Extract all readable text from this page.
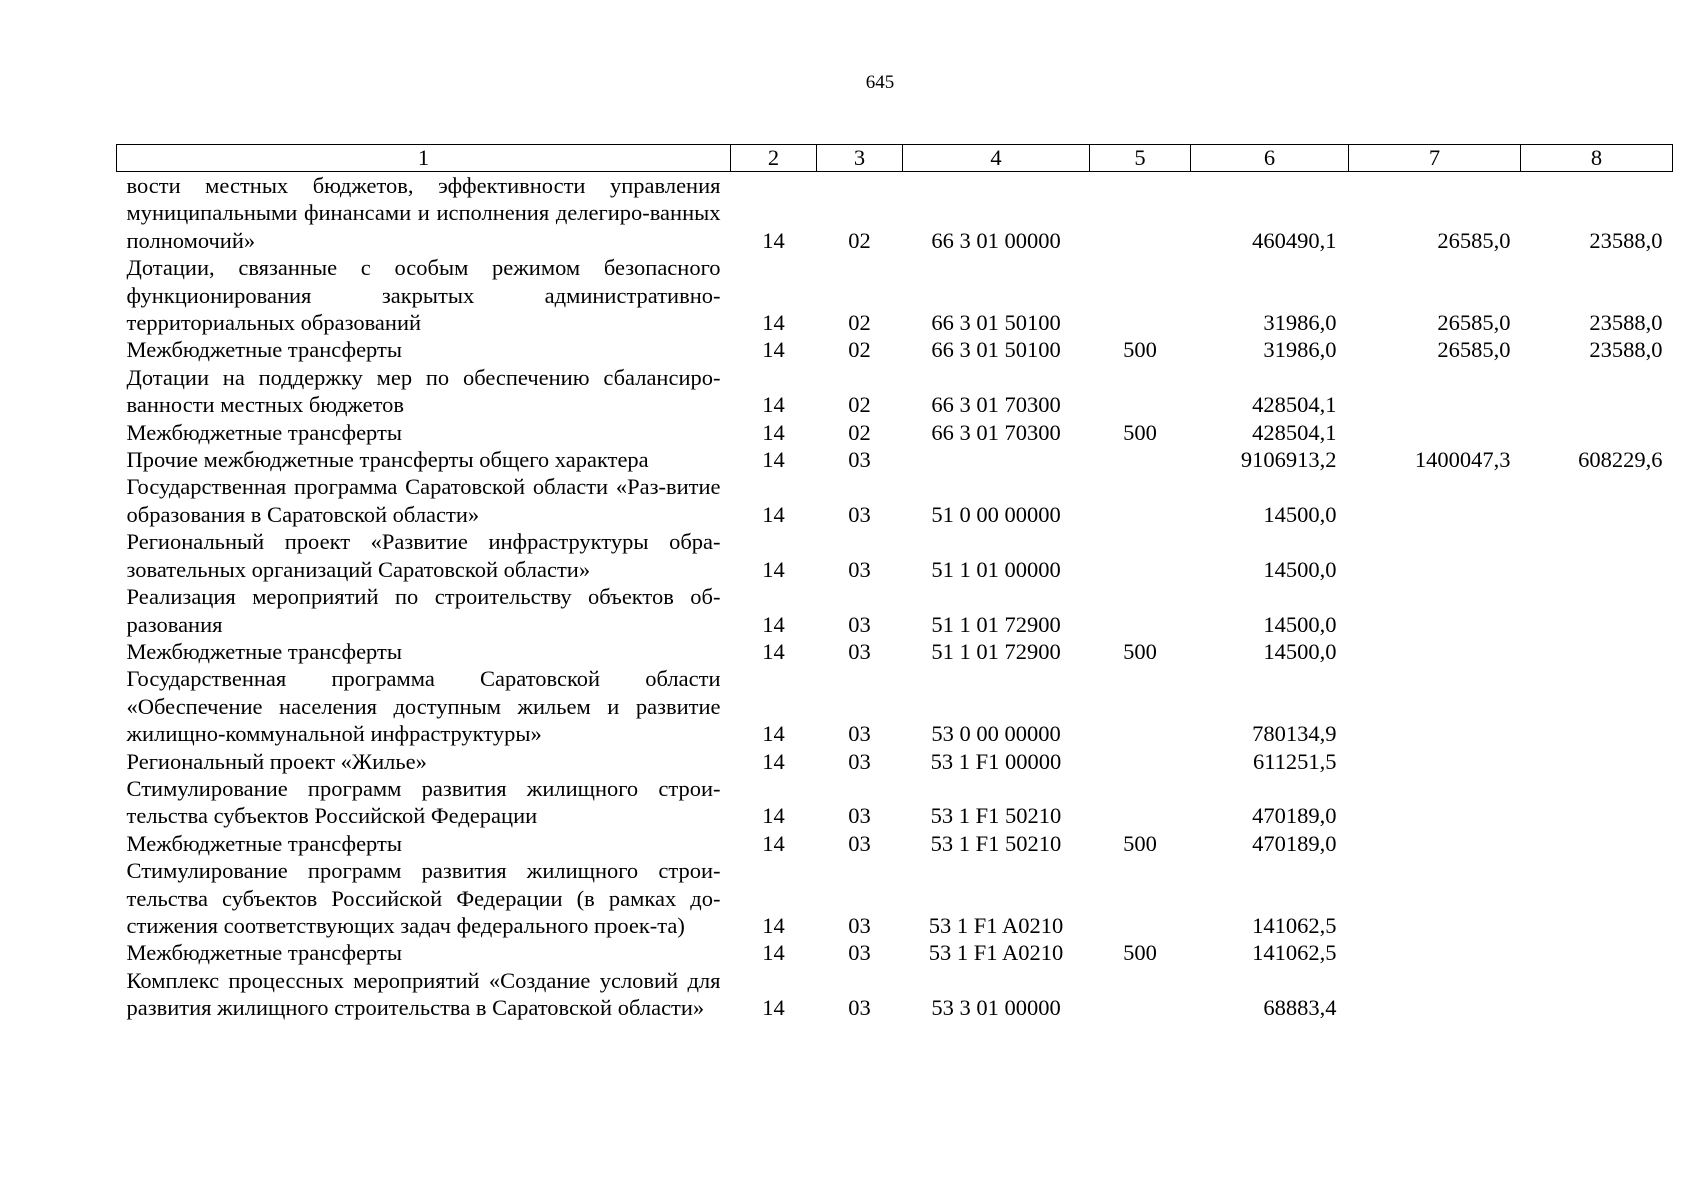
645
1	2	3	4	5	6	7	8
вости местных бюджетов, эффективности управления муниципальными финансами и исполнения делегиро-ванных полномочий»	14	02	66 3 01 00000		460490,1	26585,0	23588,0
Дотации, связанные с особым режимом безопасного функционирования закрытых административно-территориальных образований	14	02	66 3 01 50100		31986,0	26585,0	23588,0
Межбюджетные трансферты	14	02	66 3 01 50100	500	31986,0	26585,0	23588,0
Дотации на поддержку мер по обеспечению сбалансиро-ванности местных бюджетов	14	02	66 3 01 70300		428504,1		
Межбюджетные трансферты	14	02	66 3 01 70300	500	428504,1		
Прочие межбюджетные трансферты общего характера	14	03			9106913,2	1400047,3	608229,6
Государственная программа Саратовской области «Раз-витие образования в Саратовской области»	14	03	51 0 00 00000		14500,0		
Региональный проект «Развитие инфраструктуры обра-зовательных организаций Саратовской области»	14	03	51 1 01 00000		14500,0		
Реализация мероприятий по строительству объектов об-разования	14	03	51 1 01 72900		14500,0		
Межбюджетные трансферты	14	03	51 1 01 72900	500	14500,0		
Государственная программа Саратовской области «Обеспечение населения доступным жильем и развитие жилищно-коммунальной инфраструктуры»	14	03	53 0 00 00000		780134,9		
Региональный проект «Жилье»	14	03	53 1 F1 00000		611251,5		
Стимулирование программ развития жилищного строи-тельства субъектов Российской Федерации	14	03	53 1 F1 50210		470189,0		
Межбюджетные трансферты	14	03	53 1 F1 50210	500	470189,0		
Стимулирование программ развития жилищного строи-тельства субъектов Российской Федерации (в рамках до-стижения соответствующих задач федерального проек-та)	14	03	53 1 F1 A0210		141062,5		
Межбюджетные трансферты	14	03	53 1 F1 A0210	500	141062,5		
Комплекс процессных мероприятий «Создание условий для развития жилищного строительства в Саратовской области»	14	03	53 3 01 00000		68883,4		
